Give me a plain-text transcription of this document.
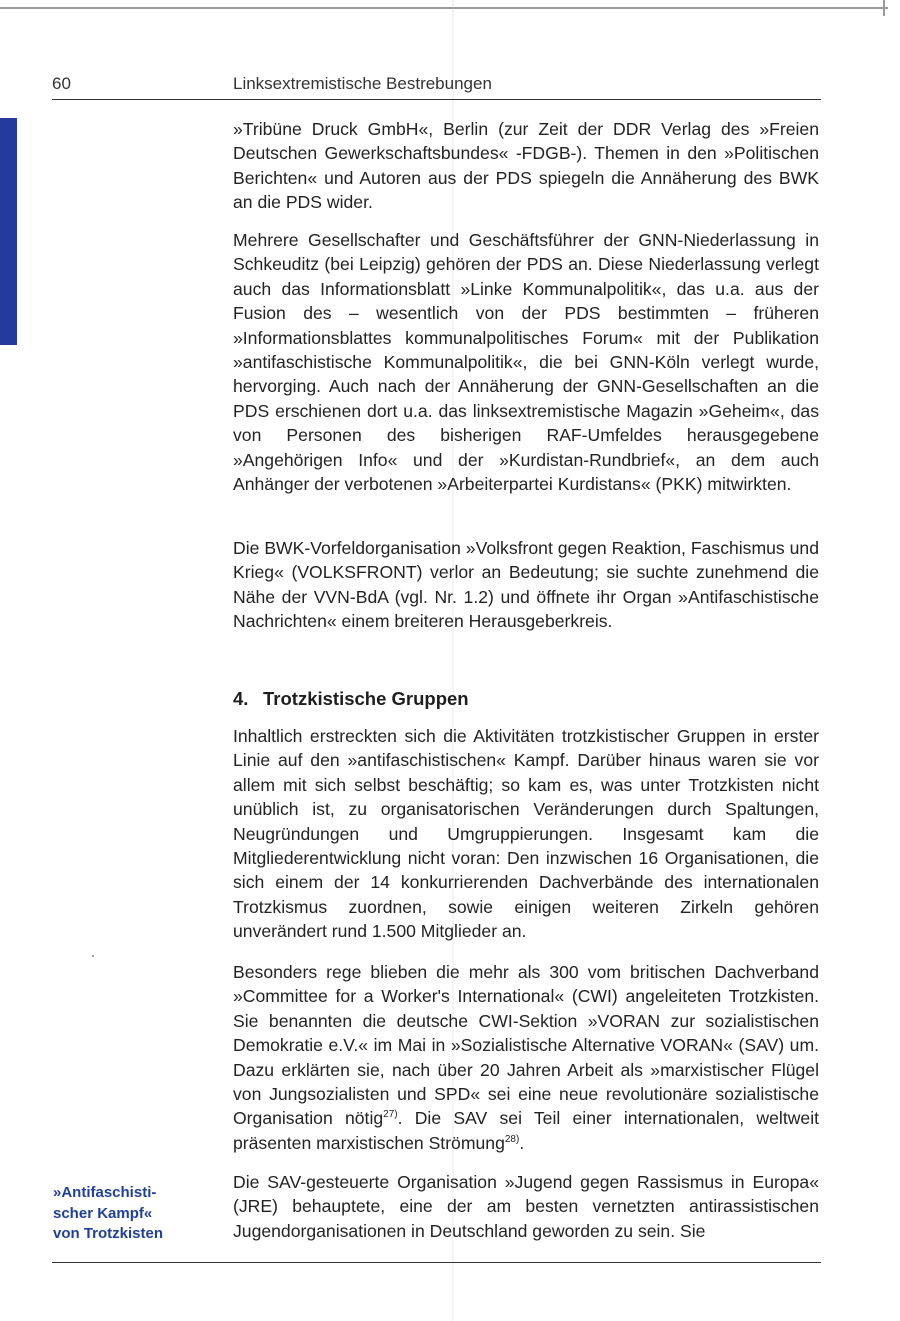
60	Linksextremistische Bestrebungen

»Tribüne Druck GmbH«, Berlin (zur Zeit der DDR Verlag des »Freien Deutschen Gewerkschaftsbundes« -FDGB-). Themen in den »Politischen Berichten« und Autoren aus der PDS spiegeln die Annäherung des BWK an die PDS wider.

Mehrere Gesellschafter und Geschäftsführer der GNN-Niederlassung in Schkeuditz (bei Leipzig) gehören der PDS an. Diese Niederlassung verlegt auch das Informationsblatt »Linke Kommunalpolitik«, das u.a. aus der Fusion des – wesentlich von der PDS bestimmten – früheren »Informationsblattes kommunalpolitisches Forum« mit der Publikation »antifaschistische Kommunalpolitik«, die bei GNN-Köln verlegt wurde, hervorging. Auch nach der Annäherung der GNN-Gesellschaften an die PDS erschienen dort u.a. das linksextremistische Magazin »Geheim«, das von Personen des bisherigen RAF-Umfeldes herausgegebene »Angehörigen Info« und der »Kurdistan-Rundbrief«, an dem auch Anhänger der verbotenen »Arbeiterpartei Kurdistans« (PKK) mitwirkten.

Die BWK-Vorfeldorganisation »Volksfront gegen Reaktion, Faschismus und Krieg« (VOLKSFRONT) verlor an Bedeutung; sie suchte zunehmend die Nähe der VVN-BdA (vgl. Nr. 1.2) und öffnete ihr Organ »Antifaschistische Nachrichten« einem breiteren Herausgeberkreis.

4. Trotzkistische Gruppen

Inhaltlich erstreckten sich die Aktivitäten trotzkistischer Gruppen in erster Linie auf den »antifaschistischen« Kampf. Darüber hinaus waren sie vor allem mit sich selbst beschäftig; so kam es, was unter Trotzkisten nicht unüblich ist, zu organisatorischen Veränderungen durch Spaltungen, Neugründungen und Umgruppierungen. Insgesamt kam die Mitgliederentwicklung nicht voran: Den inzwischen 16 Organisationen, die sich einem der 14 konkurrierenden Dachverbände des internationalen Trotzkismus zuordnen, sowie einigen weiteren Zirkeln gehören unverändert rund 1.500 Mitglieder an.

Besonders rege blieben die mehr als 300 vom britischen Dachverband »Committee for a Worker's International« (CWI) angeleiteten Trotzkisten. Sie benannten die deutsche CWI-Sektion »VORAN zur sozialistischen Demokratie e.V.« im Mai in »Sozialistische Alternative VORAN« (SAV) um. Dazu erklärten sie, nach über 20 Jahren Arbeit als »marxistischer Flügel von Jungsozialisten und SPD« sei eine neue revolutionäre sozialistische Organisation nötig$^{27)}$. Die SAV sei Teil einer internationalen, weltweit präsenten marxistischen Strömung$^{28)}$.

Die SAV-gesteuerte Organisation »Jugend gegen Rassismus in Europa« (JRE) behauptete, eine der am besten vernetzten antirassistischen Jugendorganisationen in Deutschland geworden zu sein. Sie

»Antifaschisti-
scher Kampf«
von Trotzkisten
